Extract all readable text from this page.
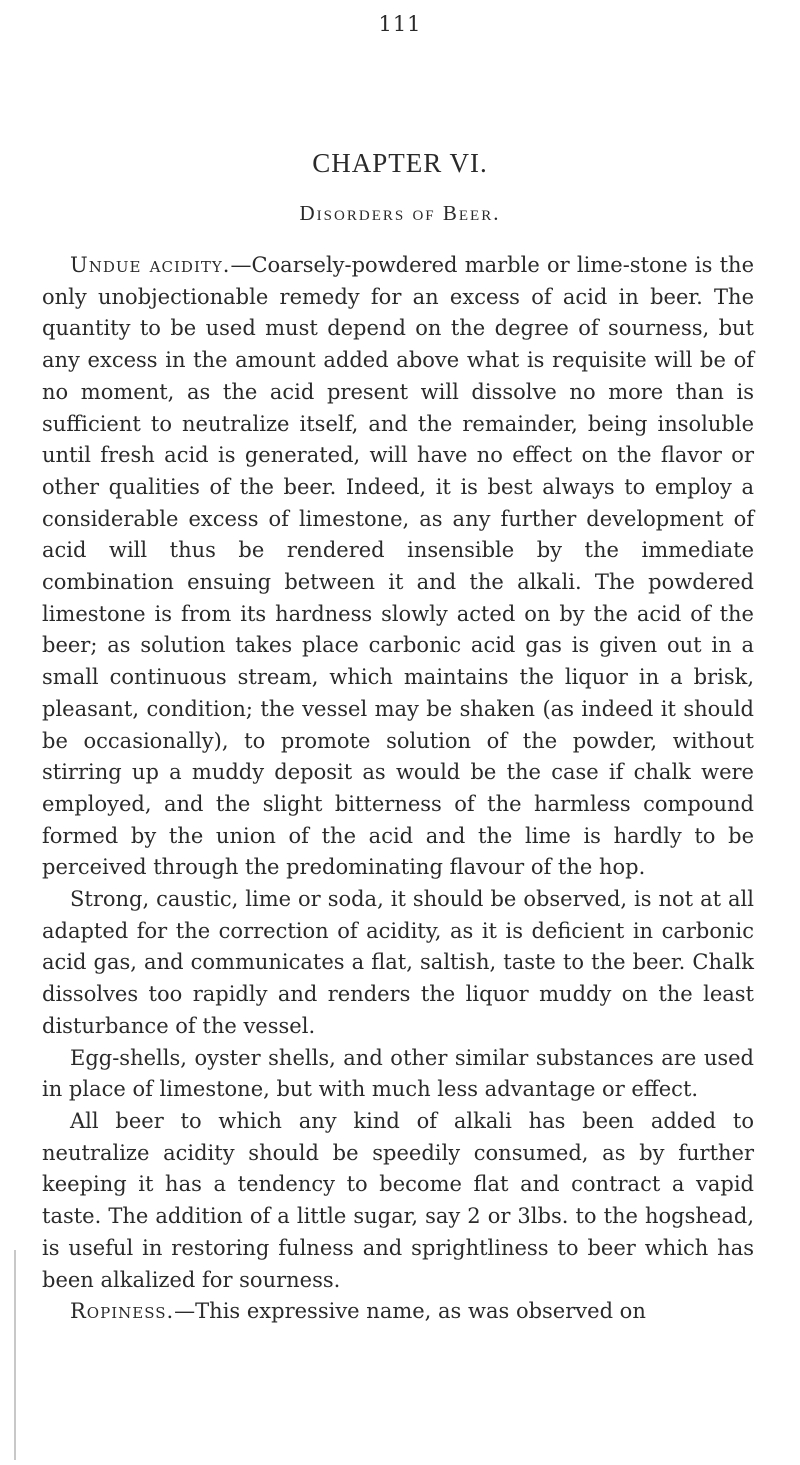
111
CHAPTER VI.
Disorders of Beer.

Undue acidity.—Coarsely-powdered marble or lime-stone is the only unobjectionable remedy for an excess of acid in beer. The quantity to be used must depend on the degree of sourness, but any excess in the amount added above what is requisite will be of no moment, as the acid present will dissolve no more than is sufficient to neutralize itself, and the remainder, being insoluble until fresh acid is generated, will have no effect on the flavor or other qualities of the beer. Indeed, it is best always to employ a considerable excess of limestone, as any further development of acid will thus be rendered insensible by the immediate combination ensuing between it and the alkali. The powdered limestone is from its hardness slowly acted on by the acid of the beer; as solution takes place carbonic acid gas is given out in a small continuous stream, which maintains the liquor in a brisk, pleasant, condition; the vessel may be shaken (as indeed it should be occasionally), to promote solution of the powder, without stirring up a muddy deposit as would be the case if chalk were employed, and the slight bitterness of the harmless compound formed by the union of the acid and the lime is hardly to be perceived through the predominating flavour of the hop.

Strong, caustic, lime or soda, it should be observed, is not at all adapted for the correction of acidity, as it is deficient in carbonic acid gas, and communicates a flat, saltish, taste to the beer. Chalk dissolves too rapidly and renders the liquor muddy on the least disturbance of the vessel.

Egg-shells, oyster shells, and other similar substances are used in place of limestone, but with much less advantage or effect.

All beer to which any kind of alkali has been added to neutralize acidity should be speedily consumed, as by further keeping it has a tendency to become flat and contract a vapid taste. The addition of a little sugar, say 2 or 3lbs. to the hogshead, is useful in restoring fulness and sprightliness to beer which has been alkalized for sourness.

Ropiness.—This expressive name, as was observed on
